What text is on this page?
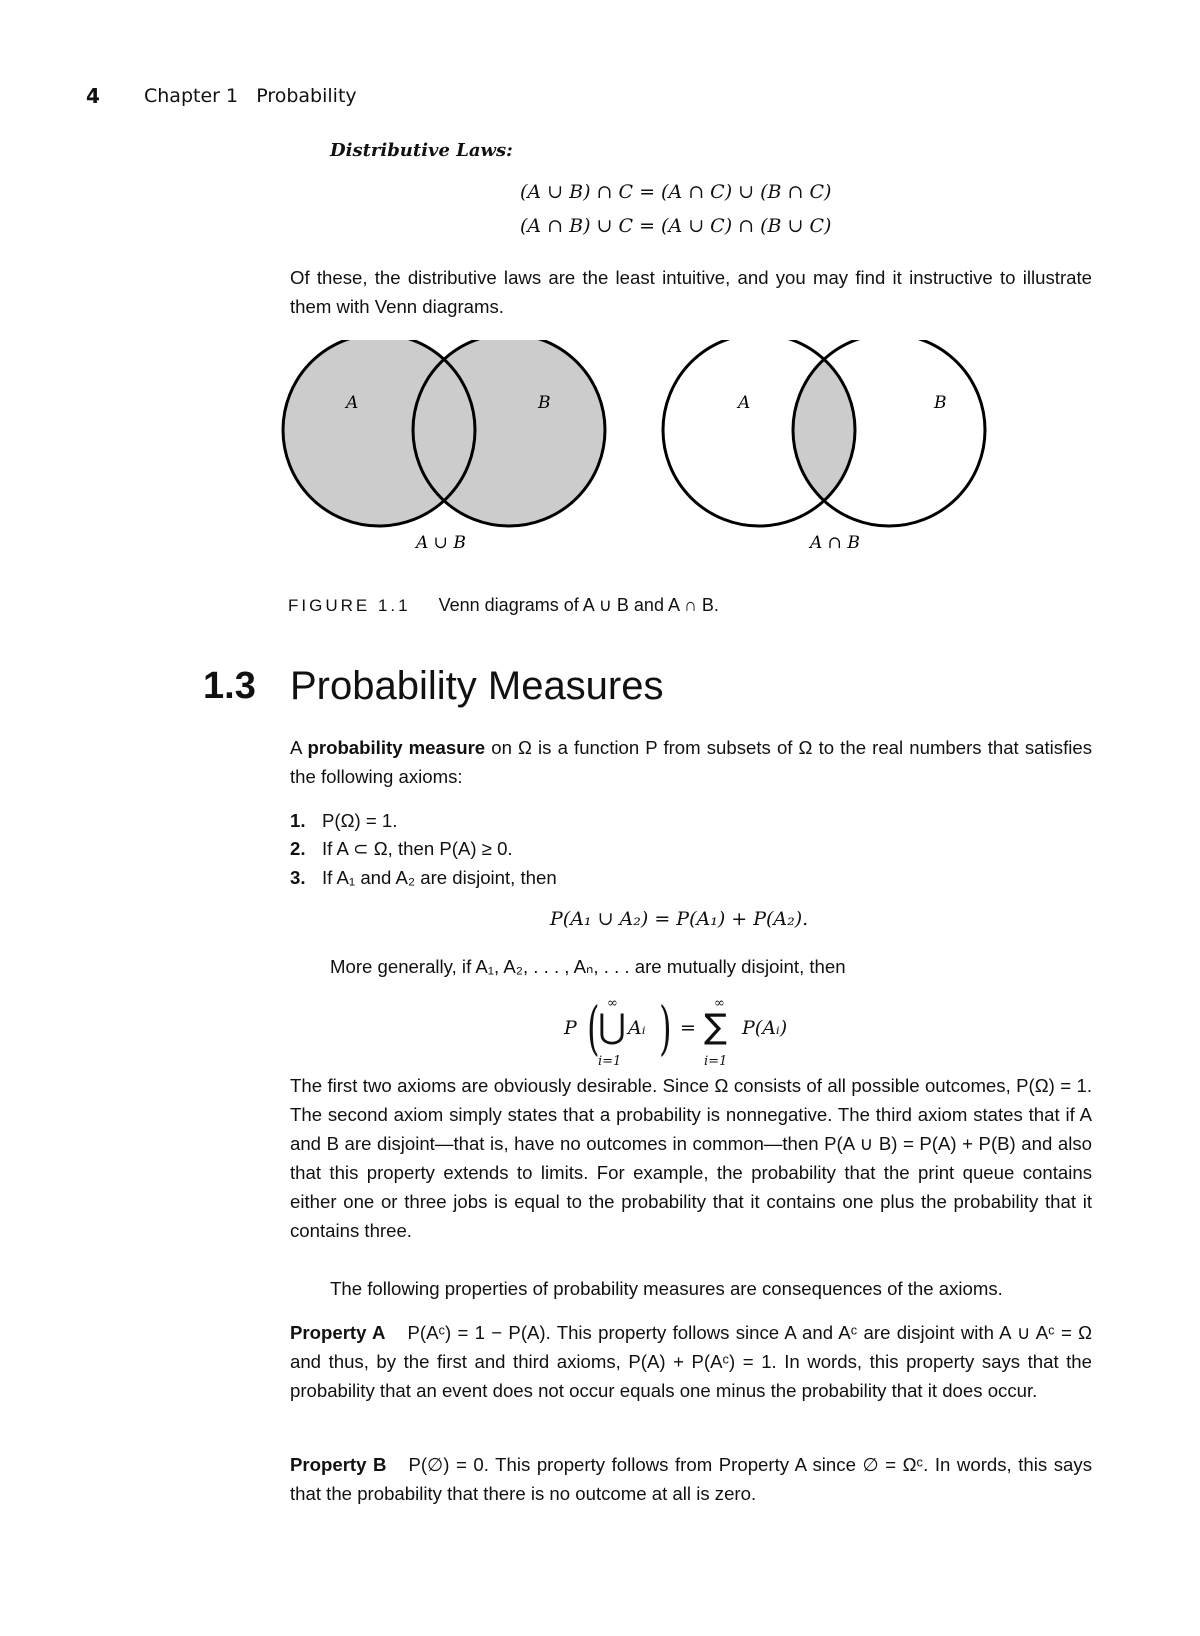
4 Chapter 1   Probability
Distributive Laws:
(A ∪ B) ∩ C = (A ∩ C) ∪ (B ∩ C)
(A ∩ B) ∪ C = (A ∪ C) ∩ (B ∪ C)
Of these, the distributive laws are the least intuitive, and you may find it instructive to illustrate them with Venn diagrams.
A	B
A ∪ B
A	B
A ∩ B
FIGURE 1.1 Venn diagrams of A ∪ B and A ∩ B.
1.3 Probability Measures
A probability measure on Ω is a function P from subsets of Ω to the real numbers that satisfies the following axioms:
1. P(Ω) = 1.
2. If A ⊂ Ω, then P(A) ≥ 0.
3. If A₁ and A₂ are disjoint, then
P(A₁ ∪ A₂) = P(A₁) + P(A₂).
More generally, if A₁, A₂, . . . , Aₙ, . . . are mutually disjoint, then
P ( ∞
⋃
i=1
Aᵢ ) =
∞
∑
i=1
P(Aᵢ)
The first two axioms are obviously desirable. Since Ω consists of all possible outcomes, P(Ω) = 1. The second axiom simply states that a probability is nonnegative. The third axiom states that if A and B are disjoint—that is, have no outcomes in common—then P(A ∪ B) = P(A) + P(B) and also that this property extends to limits. For example, the probability that the print queue contains either one or three jobs is equal to the probability that it contains one plus the probability that it contains three.
The following properties of probability measures are consequences of the axioms.
Property A P(Aᶜ) = 1 − P(A). This property follows since A and Aᶜ are disjoint with A ∪ Aᶜ = Ω and thus, by the first and third axioms, P(A) + P(Aᶜ) = 1. In words, this property says that the probability that an event does not occur equals one minus the probability that it does occur.
Property B P(∅) = 0. This property follows from Property A since ∅ = Ωᶜ. In words, this says that the probability that there is no outcome at all is zero.
